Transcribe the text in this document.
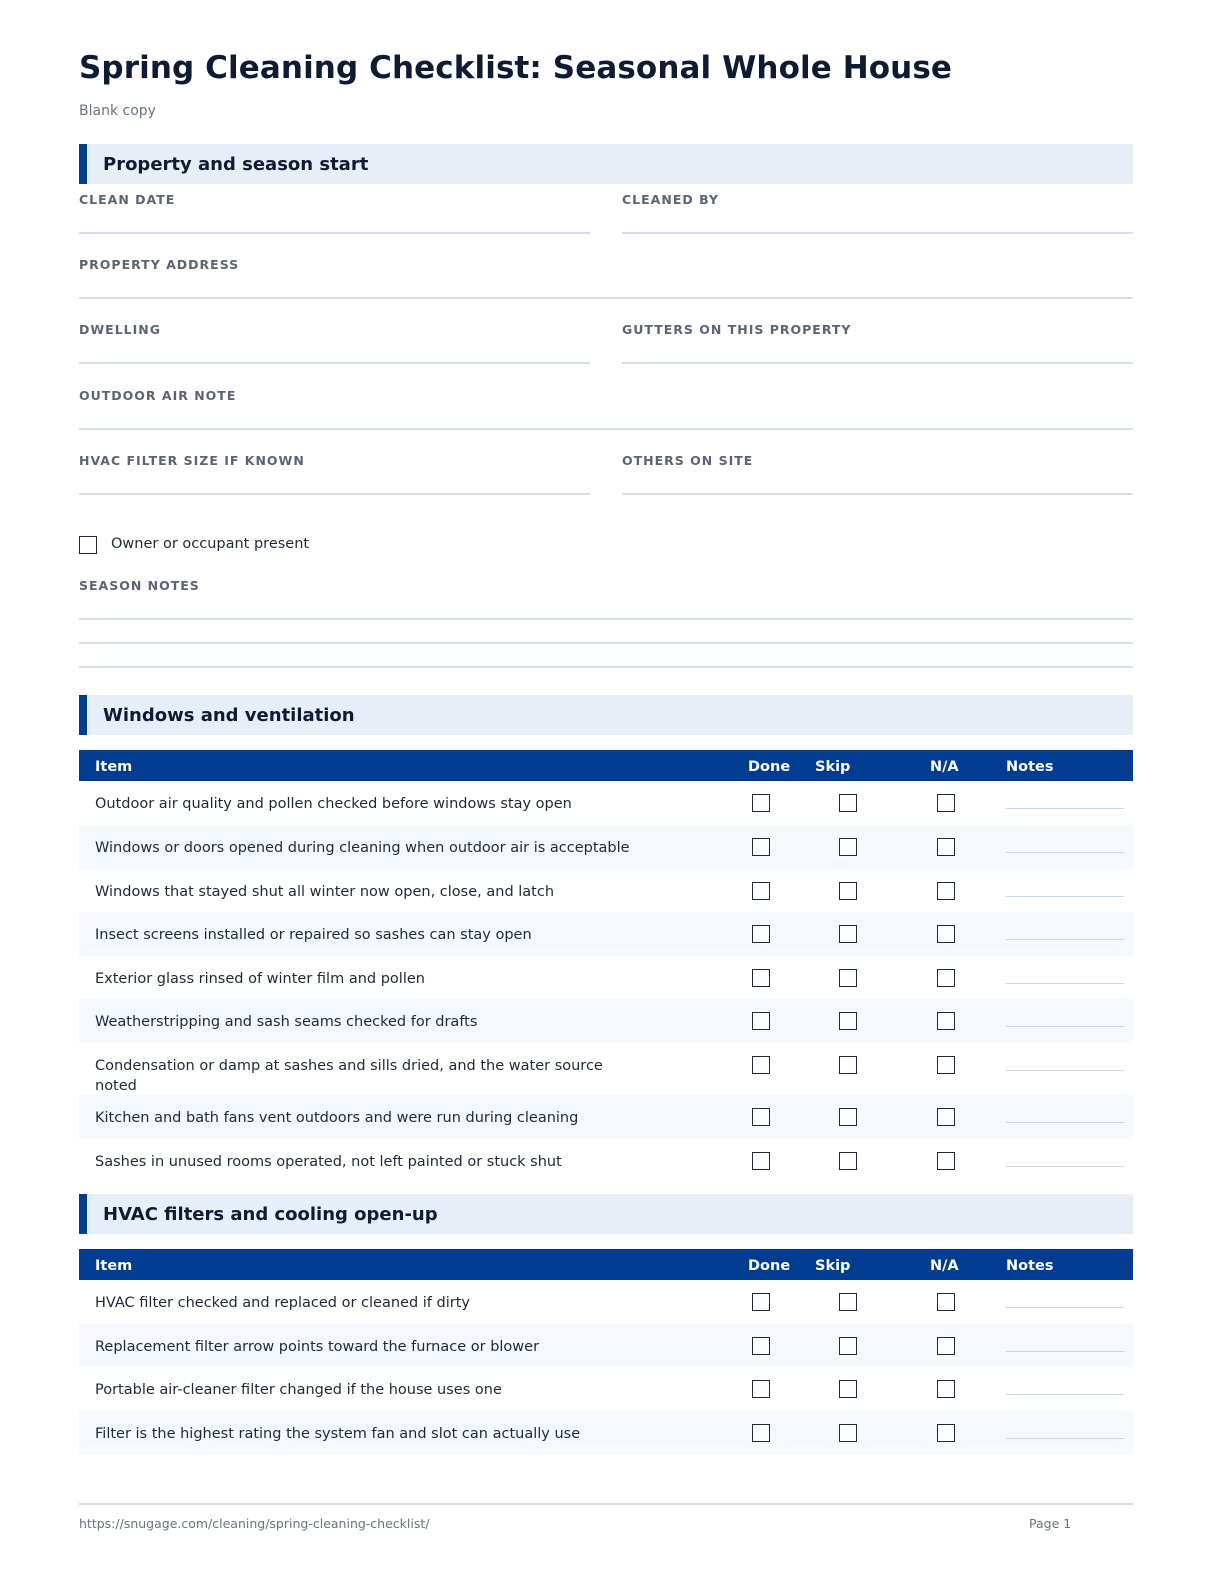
Spring Cleaning Checklist: Seasonal Whole House
Blank copy
Property and season start
CLEAN DATE	CLEANED BY
PROPERTY ADDRESS
DWELLING	GUTTERS ON THIS PROPERTY
OUTDOOR AIR NOTE
HVAC FILTER SIZE IF KNOWN	OTHERS ON SITE
Owner or occupant present
SEASON NOTES
Windows and ventilation
Item	Done Skip	N/A	Notes
Outdoor air quality and pollen checked before windows stay open
Windows or doors opened during cleaning when outdoor air is acceptable
Windows that stayed shut all winter now open, close, and latch
Insect screens installed or repaired so sashes can stay open
Exterior glass rinsed of winter film and pollen
Weatherstripping and sash seams checked for drafts
Condensation or damp at sashes and sills dried, and the water source noted
Kitchen and bath fans vent outdoors and were run during cleaning
Sashes in unused rooms operated, not left painted or stuck shut
HVAC filters and cooling open-up
Item	Done Skip	N/A	Notes
HVAC filter checked and replaced or cleaned if dirty
Replacement filter arrow points toward the furnace or blower
Portable air-cleaner filter changed if the house uses one
Filter is the highest rating the system fan and slot can actually use
https://snugage.com/cleaning/spring-cleaning-checklist/	Page 1
